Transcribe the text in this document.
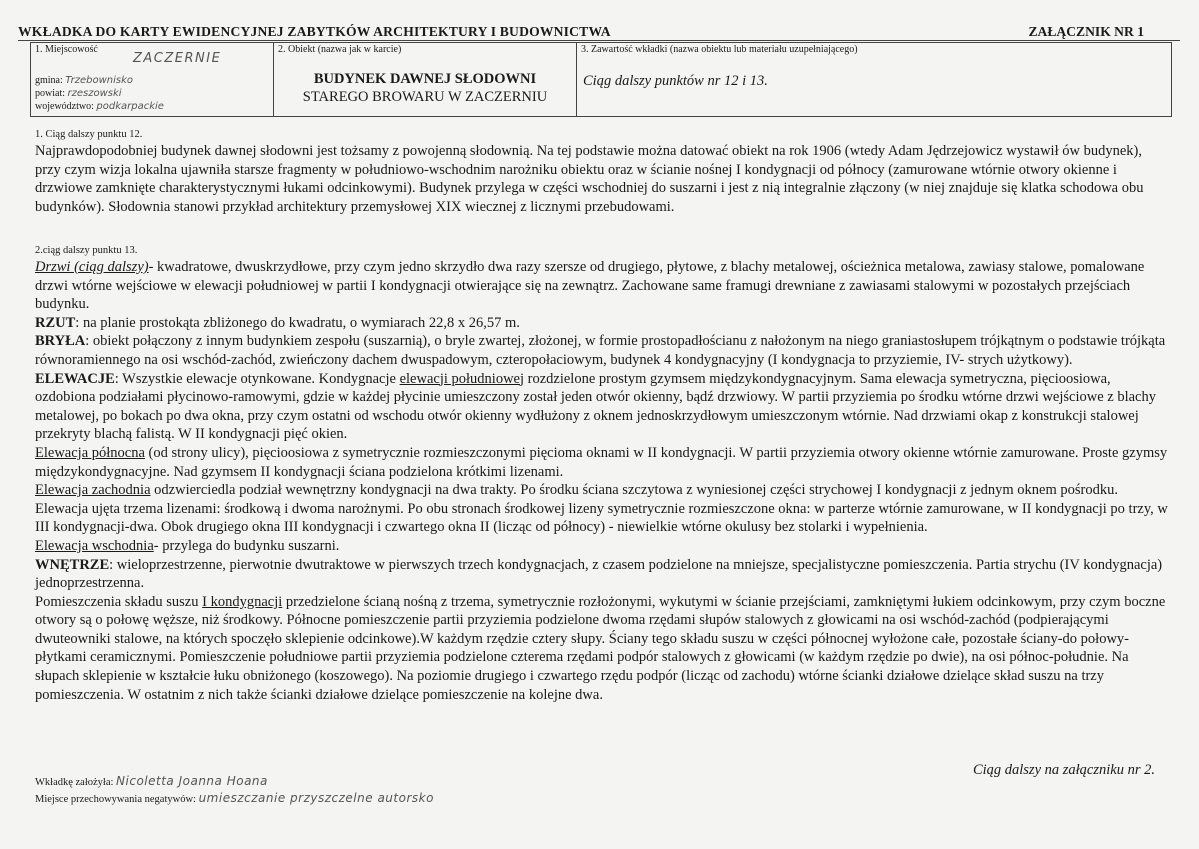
WKŁADKA DO KARTY EWIDENCYJNEJ ZABYTKÓW ARCHITEKTURY I BUDOWNICTWA	ZAŁĄCZNIK NR 1
1. Miejscowość
ZACZERNIE
gmina: Trzebownisko
powiat: rzeszowski
województwo: podkarpackie

2. Obiekt (nazwa jak w karcie)
BUDYNEK DAWNEJ SŁODOWNI
STAREGO BROWARU W ZACZERNIU

3. Zawartość wkładki (nazwa obiektu lub materiału uzupełniającego)
Ciąg dalszy punktów nr 12 i 13.
1. Ciąg dalszy punktu 12.

Najprawdopodobniej budynek dawnej słodowni jest tożsamy z powojenną słodownią. Na tej podstawie można datować obiekt na rok 1906 (wtedy Adam Jędrzejowicz wystawił ów budynek), przy czym wizja lokalna ujawniła starsze fragmenty w południowo-wschodnim narożniku obiektu oraz w ścianie nośnej I kondygnacji od północy (zamurowane wtórnie otwory okienne i drzwiowe zamknięte charakterystycznymi łukami odcinkowymi). Budynek przylega w części wschodniej do suszarni i jest z nią integralnie złączony (w niej znajduje się klatka schodowa obu budynków). Słodownia stanowi przykład architektury przemysłowej XIX wiecznej z licznymi przebudowami.

2.ciąg dalszy punktu 13.

Drzwi (ciąg dalszy)- kwadratowe, dwuskrzydłowe, przy czym jedno skrzydło dwa razy szersze od drugiego, płytowe, z blachy metalowej, ościeżnica metalowa, zawiasy stalowe, pomalowane drzwi wtórne wejściowe w elewacji południowej w partii I kondygnacji otwierające się na zewnątrz. Zachowane same framugi drewniane z zawiasami stalowymi w pozostałych przejściach budynku.

RZUT: na planie prostokąta zbliżonego do kwadratu, o wymiarach 22,8 x 26,57 m.

BRYŁA: obiekt połączony z innym budynkiem zespołu (suszarnią), o bryle zwartej, złożonej, w formie prostopadłościanu z nałożonym na niego graniastosłupem trójkątnym o podstawie trójkąta równoramiennego na osi wschód-zachód, zwieńczony dachem dwuspadowym, czteropołaciowym, budynek 4 kondygnacyjny (I kondygnacja to przyziemie, IV- strych użytkowy).

ELEWACJE: Wszystkie elewacje otynkowane. Kondygnacje elewacji południowej rozdzielone prostym gzymsem międzykondygnacyjnym. Sama elewacja symetryczna, pięcioosiowa, ozdobiona podziałami płycinowo-ramowymi, gdzie w każdej płycinie umieszczony został jeden otwór okienny, bądź drzwiowy. W partii przyziemia po środku wtórne drzwi wejściowe z blachy metalowej, po bokach po dwa okna, przy czym ostatni od wschodu otwór okienny wydłużony z oknem jednoskrzydłowym umieszczonym wtórnie. Nad drzwiami okap z konstrukcji stalowej przekryty blachą falistą. W II kondygnacji pięć okien.

Elewacja północna (od strony ulicy), pięcioosiowa z symetrycznie rozmieszczonymi pięcioma oknami w II kondygnacji. W partii przyziemia otwory okienne wtórnie zamurowane. Proste gzymsy międzykondygnacyjne. Nad gzymsem II kondygnacji ściana podzielona krótkimi lizenami.

Elewacja zachodnia odzwierciedla podział wewnętrzny kondygnacji na dwa trakty. Po środku ściana szczytowa z wyniesionej części strychowej I kondygnacji z jednym oknem pośrodku. Elewacja ujęta trzema lizenami: środkową i dwoma narożnymi. Po obu stronach środkowej lizeny symetrycznie rozmieszczone okna: w parterze wtórnie zamurowane, w II kondygnacji po trzy, w III kondygnacji-dwa. Obok drugiego okna III kondygnacji i czwartego okna II (licząc od północy) - niewielkie wtórne okulusy bez stolarki i wypełnienia.

Elewacja wschodnia- przylega do budynku suszarni.

WNĘTRZE: wieloprzestrzenne, pierwotnie dwutraktowe w pierwszych trzech kondygnacjach, z czasem podzielone na mniejsze, specjalistyczne pomieszczenia. Partia strychu (IV kondygnacja) jednoprzestrzenna.

Pomieszczenia składu suszu I kondygnacji przedzielone ścianą nośną z trzema, symetrycznie rozłożonymi, wykutymi w ścianie przejściami, zamkniętymi łukiem odcinkowym, przy czym boczne otwory są o połowę węższe, niż środkowy. Północne pomieszczenie partii przyziemia podzielone dwoma rzędami słupów stalowych z głowicami na osi wschód-zachód (podpierającymi dwuteowniki stalowe, na których spoczęło sklepienie odcinkowe).W każdym rzędzie cztery słupy. Ściany tego składu suszu w części północnej wyłożone całe, pozostałe ściany-do połowy- płytkami ceramicznymi. Pomieszczenie południowe partii przyziemia podzielone czterema rzędami podpór stalowych z głowicami (w każdym rzędzie po dwie), na osi północ-południe. Na słupach sklepienie w kształcie łuku obniżonego (koszowego). Na poziomie drugiego i czwartego rzędu podpór (licząc od zachodu) wtórne ścianki działowe dzielące skład suszu na trzy pomieszczenia. W ostatnim z nich także ścianki działowe dzielące pomieszczenie na kolejne dwa.

Ciąg dalszy na załączniku nr 2.
Wkładkę założyła: Nicoletta Joanna Hoana
Miejsce przechowywania negatywów: umieszczanie przyszczelne autorsko
